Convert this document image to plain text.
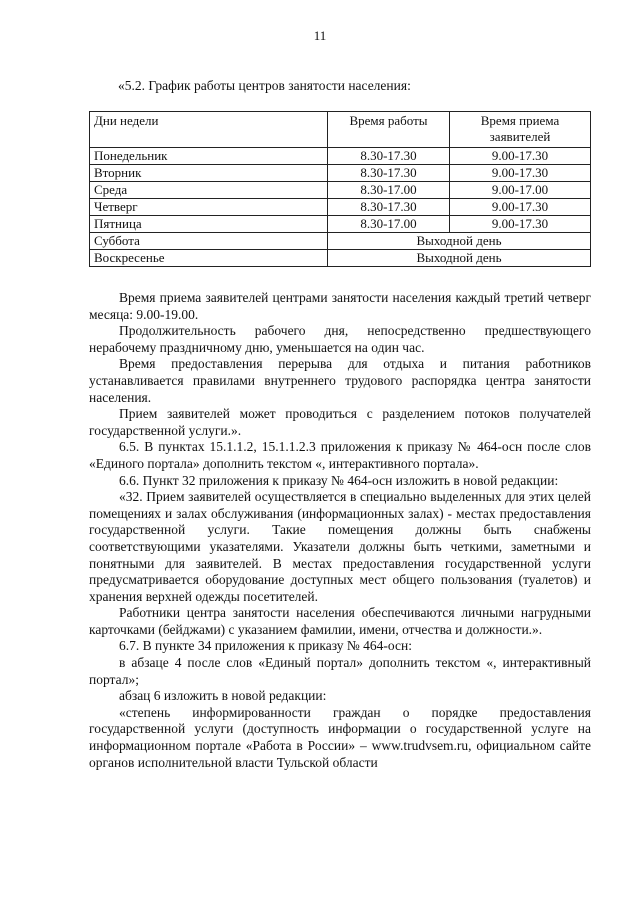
11
«5.2. График работы центров занятости населения:
Дни недели	Время работы	Время приема заявителей
Понедельник	8.30-17.30	9.00-17.30
Вторник	8.30-17.30	9.00-17.30
Среда	8.30-17.00	9.00-17.00
Четверг	8.30-17.30	9.00-17.30
Пятница	8.30-17.00	9.00-17.30
Суббота	Выходной день	
Воскресенье	Выходной день	

Время приема заявителей центрами занятости населения каждый третий четверг месяца: 9.00-19.00.

Продолжительность рабочего дня, непосредственно предшествующего нерабочему праздничному дню, уменьшается на один час.

Время предоставления перерыва для отдыха и питания работников устанавливается правилами внутреннего трудового распорядка центра занятости населения.

Прием заявителей может проводиться с разделением потоков получателей государственной услуги.».

6.5. В пунктах 15.1.1.2, 15.1.1.2.3 приложения к приказу № 464-осн после слов «Единого портала» дополнить текстом «, интерактивного портала».

6.6. Пункт 32 приложения к приказу № 464-осн изложить в новой редакции:

«32. Прием заявителей осуществляется в специально выделенных для этих целей помещениях и залах обслуживания (информационных залах) - местах предоставления государственной услуги. Такие помещения должны быть снабжены соответствующими указателями. Указатели должны быть четкими, заметными и понятными для заявителей. В местах предоставления государственной услуги предусматривается оборудование доступных мест общего пользования (туалетов) и хранения верхней одежды посетителей.

Работники центра занятости населения обеспечиваются личными нагрудными карточками (бейджами) с указанием фамилии, имени, отчества и должности.».

6.7. В пункте 34 приложения к приказу № 464-осн:

в абзаце 4 после слов «Единый портал» дополнить текстом «, интерактивный портал»;

абзац 6 изложить в новой редакции:

«степень информированности граждан о порядке предоставления государственной услуги (доступность информации о государственной услуге на информационном портале «Работа в России» – www.trudvsem.ru, официальном сайте органов исполнительной власти Тульской области
